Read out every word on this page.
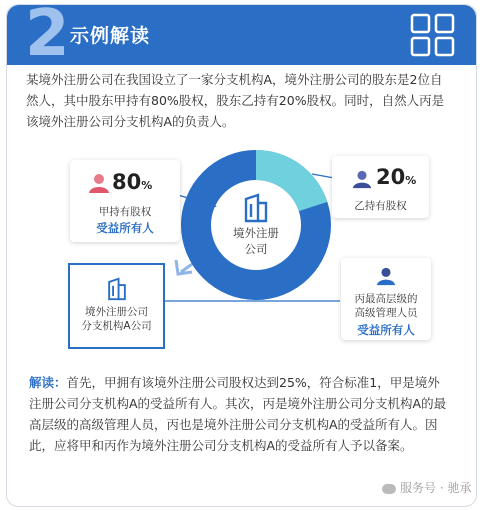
2 示例解读
某境外注册公司在我国设立了一家分支机构A，境外注册公司的股东是2位自然人，其中股东甲持有80%股权，股东乙持有20%股权。同时，自然人丙是该境外注册公司分支机构A的负责人。
境外注册
公司
80%
甲持有股权
受益所有人
20%
乙持有股权
丙最高层级的
高级管理人员
受益所有人
境外注册公司
分支机构A公司
解读：首先，甲拥有该境外注册公司股权达到25%，符合标准1，甲是境外注册公司分支机构A的受益所有人。其次，丙是境外注册公司分支机构A的最高层级的高级管理人员，丙也是境外注册公司分支机构A的受益所有人。因此，应将甲和丙作为境外注册公司分支机构A的受益所有人予以备案。
服务号 · 驰承
